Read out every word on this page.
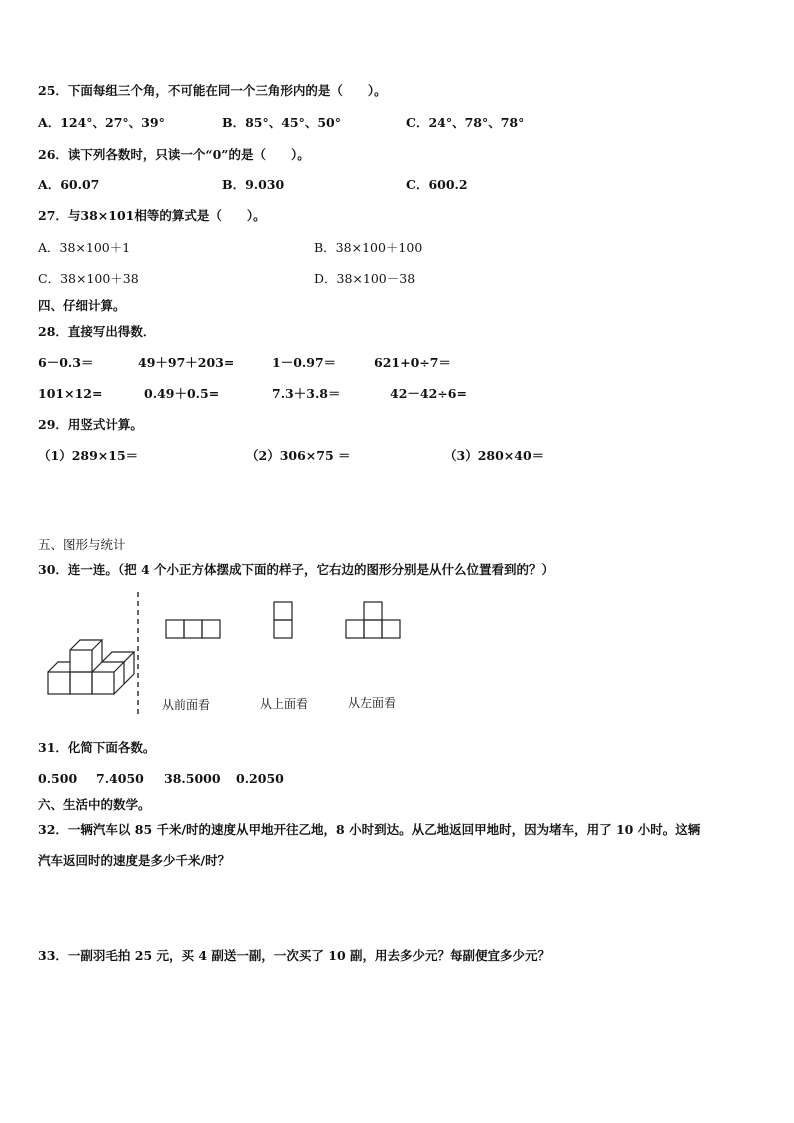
25．下面每组三个角，不可能在同一个三角形内的是（　　）。
A．124°、27°、39°	B．85°、45°、50°	C．24°、78°、78°
26．读下列各数时，只读一个“0”的是（　　）。
A．60.07	B．9.030	C．600.2
27．与38×101相等的算式是（　　）。
A．38×100＋1	B．38×100＋100
C．38×100＋38	D．38×100－38
四、仔细计算。
28．直接写出得数．
6－0.3＝	49＋97＋203=	1－0.97＝	621+0÷7＝
101×12=	0.49＋0.5=	7.3＋3.8＝	42－42÷6=
29．用竖式计算。
（1）289×15＝	（2）306×75 ＝	（3）280×40＝
五、图形与统计
30．连一连。（把 4 个小正方体摆成下面的样子，它右边的图形分别是从什么位置看到的？）
从前面看	从上面看	从左面看
31．化简下面各数。
0.500 7.4050 38.5000 0.2050
六、生活中的数学。
32．一辆汽车以 85 千米/时的速度从甲地开往乙地，8 小时到达。从乙地返回甲地时，因为堵车，用了 10 小时。这辆
汽车返回时的速度是多少千米/时？
33．一副羽毛拍 25 元，买 4 副送一副，一次买了 10 副，用去多少元？每副便宜多少元？
